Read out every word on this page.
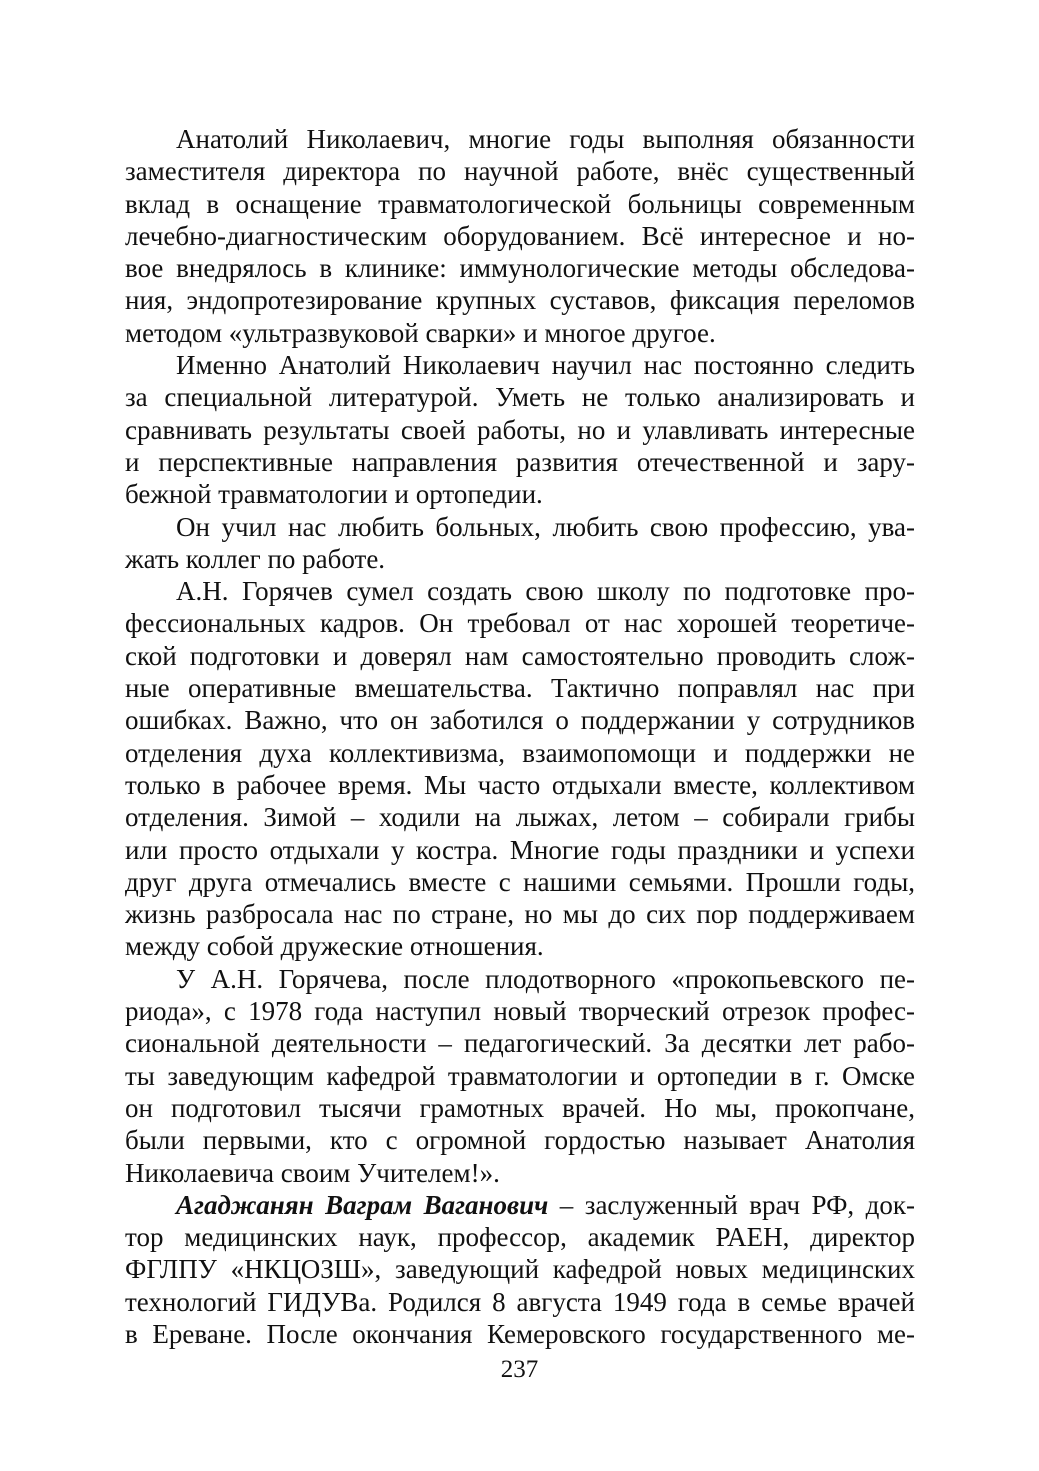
Анатолий Николаевич, многие годы выполняя обязанности
заместителя директора по научной работе, внёс существенный
вклад в оснащение травматологической больницы современным
лечебно-диагностическим оборудованием. Всё интересное и но-
вое внедрялось в клинике: иммунологические методы обследова-
ния, эндопротезирование крупных суставов, фиксация переломов
методом «ультразвуковой сварки» и многое другое.
Именно Анатолий Николаевич научил нас постоянно следить
за специальной литературой. Уметь не только анализировать и
сравнивать результаты своей работы, но и улавливать интересные
и перспективные направления развития отечественной и зару-
бежной травматологии и ортопедии.
Он учил нас любить больных, любить свою профессию, ува-
жать коллег по работе.
А.Н. Горячев сумел создать свою школу по подготовке про-
фессиональных кадров. Он требовал от нас хорошей теоретиче-
ской подготовки и доверял нам самостоятельно проводить слож-
ные оперативные вмешательства. Тактично поправлял нас при
ошибках. Важно, что он заботился о поддержании у сотрудников
отделения духа коллективизма, взаимопомощи и поддержки не
только в рабочее время. Мы часто отдыхали вместе, коллективом
отделения. Зимой – ходили на лыжах, летом – собирали грибы
или просто отдыхали у костра. Многие годы праздники и успехи
друг друга отмечались вместе с нашими семьями. Прошли годы,
жизнь разбросала нас по стране, но мы до сих пор поддерживаем
между собой дружеские отношения.
У А.Н. Горячева, после плодотворного «прокопьевского пе-
риода», с 1978 года наступил новый творческий отрезок профес-
сиональной деятельности – педагогический. За десятки лет рабо-
ты заведующим кафедрой травматологии и ортопедии в г. Омске
он подготовил тысячи грамотных врачей. Но мы, прокопчане,
были первыми, кто с огромной гордостью называет Анатолия
Николаевича своим Учителем!».
Агаджанян Ваграм Ваганович – заслуженный врач РФ, док-
тор медицинских наук, профессор, академик РАЕН, директор
ФГЛПУ «НКЦОЗШ», заведующий кафедрой новых медицинских
технологий ГИДУВа. Родился 8 августа 1949 года в семье врачей
в Ереване. После окончания Кемеровского государственного ме-
237
